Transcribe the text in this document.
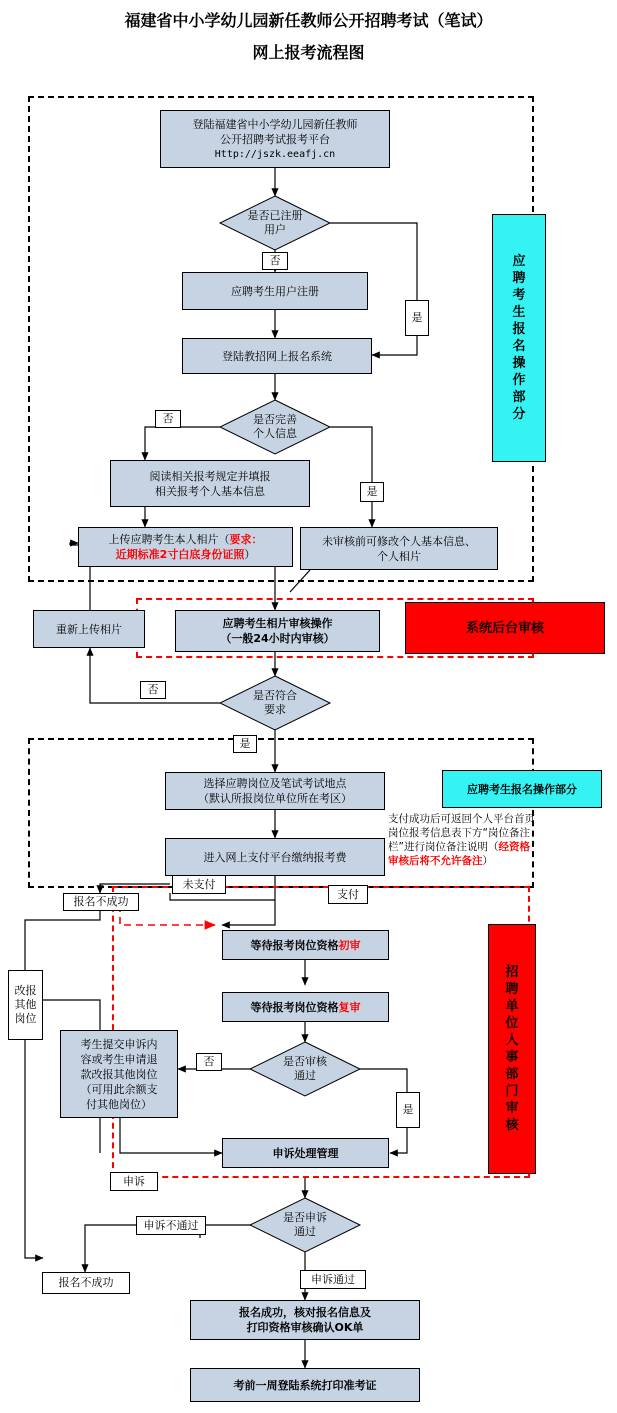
福建省中小学幼儿园新任教师公开招聘考试（笔试）
网上报考流程图
登陆福建省中小学幼儿园新任教师
公开招聘考试报考平台
Http://jszk.eeafj.cn
是否已注册
用户
应聘考生用户注册
登陆教招网上报名系统
是否完善
个人信息
阅读相关报考规定并填报
相关报考个人基本信息
上传应聘考生本人相片（要求：
近期标准2寸白底身份证照）
未审核前可修改个人基本信息、
个人相片
重新上传相片	应聘考生相片审核操作
（一般24小时内审核）
是否符合
要求
选择应聘岗位及笔试考试地点
（默认所报岗位单位所在考区）
进入网上支付平台缴纳报考费
报名不成功
等待报考岗位资格初审
等待报考岗位资格复审
是否审核
通过
考生提交申诉内
容或考生申请退
款改报其他岗位
（可用此余额支
付其他岗位）
申诉处理管理
是否申诉
通过
报名不成功
报名成功，核对报名信息及
打印资格审核确认OK单
考前一周登陆系统打印准考证
改报
其他
岗位
应
聘
考
生
报
名
操
作
部
分
系统后台审核
应聘考生报名操作部分
招
聘
单
位
人
事
部
门
审
核
支付成功后可返回个人平台首页
岗位报考信息表下方“岗位备注
栏”进行岗位备注说明（经资格
审核后将不允许备注）
否
是
否
是
否
是
未支付
支付
否
是
申诉
申诉不通过
申诉通过
